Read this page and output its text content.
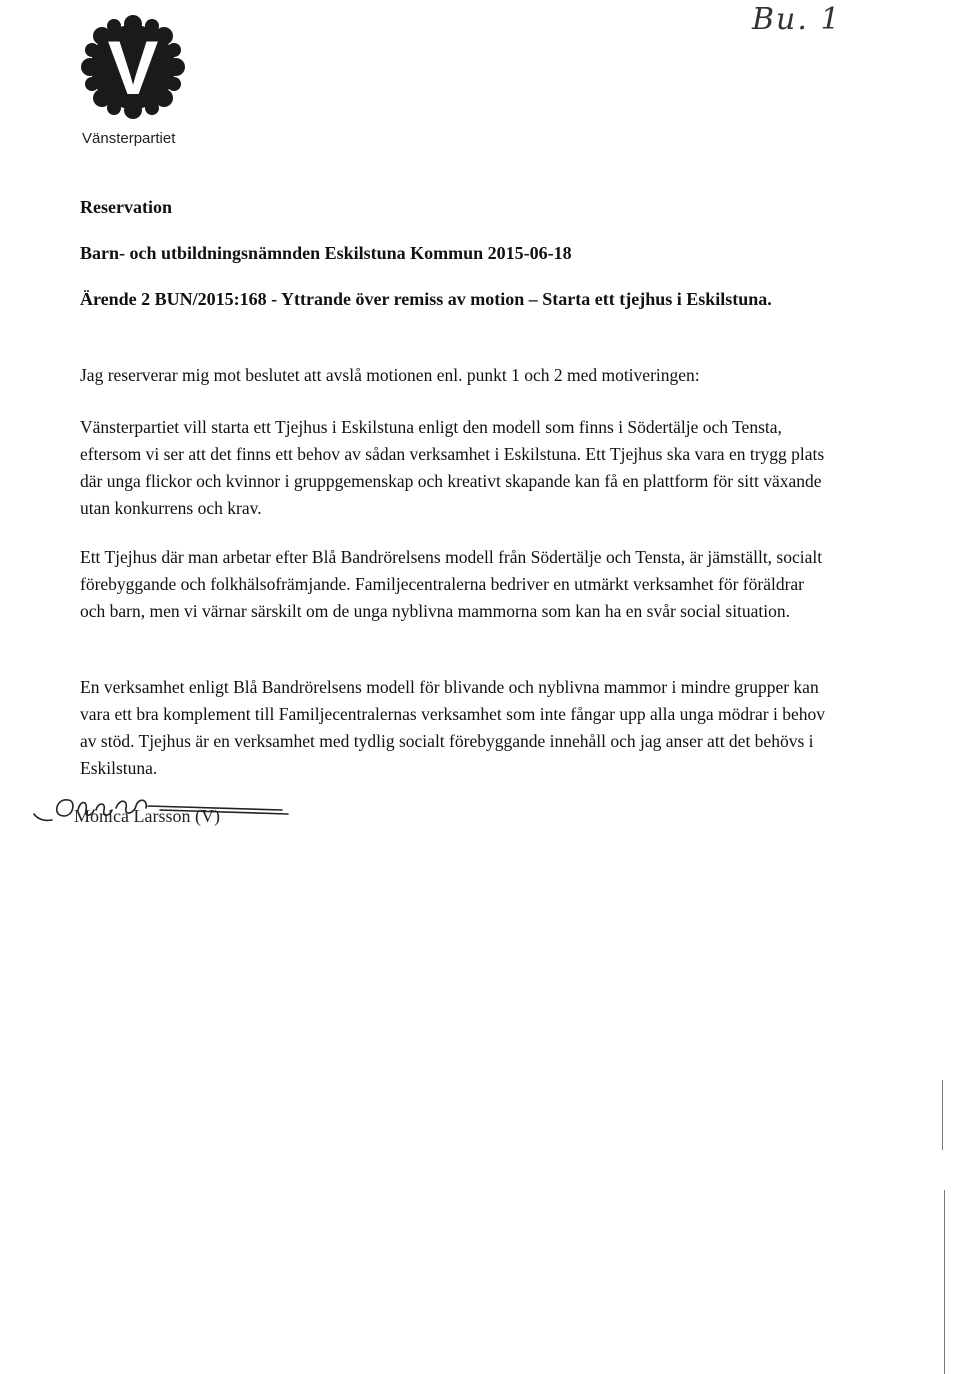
V
Vänsterpartiet
Bu. 1
Reservation
Barn- och utbildningsnämnden Eskilstuna Kommun 2015-06-18
Ärende 2 BUN/2015:168 - Yttrande över remiss av motion – Starta ett tjejhus i Eskilstuna.

Jag reserverar mig mot beslutet att avslå motionen enl. punkt 1 och 2 med motiveringen:

Vänsterpartiet vill starta ett Tjejhus i Eskilstuna enligt den modell som finns i Södertälje och Tensta, eftersom vi ser att det finns ett behov av sådan verksamhet i Eskilstuna. Ett Tjejhus ska vara en trygg plats där unga flickor och kvinnor i gruppgemenskap och kreativt skapande kan få en plattform för sitt växande utan konkurrens och krav.

Ett Tjejhus där man arbetar efter Blå Bandrörelsens modell från Södertälje och Tensta, är jämställt, socialt förebyggande och folkhälsofrämjande. Familjecentralerna bedriver en utmärkt verksamhet för föräldrar och barn, men vi värnar särskilt om de unga nyblivna mammorna som kan ha en svår social situation.

En verksamhet enligt Blå Bandrörelsens modell för blivande och nyblivna mammor i mindre grupper kan vara ett bra komplement till Familjecentralernas verksamhet som inte fångar upp alla unga mödrar i behov av stöd. Tjejhus är en verksamhet med tydlig socialt förebyggande innehåll och jag anser att det behövs i Eskilstuna.

Monica Larsson (V)
